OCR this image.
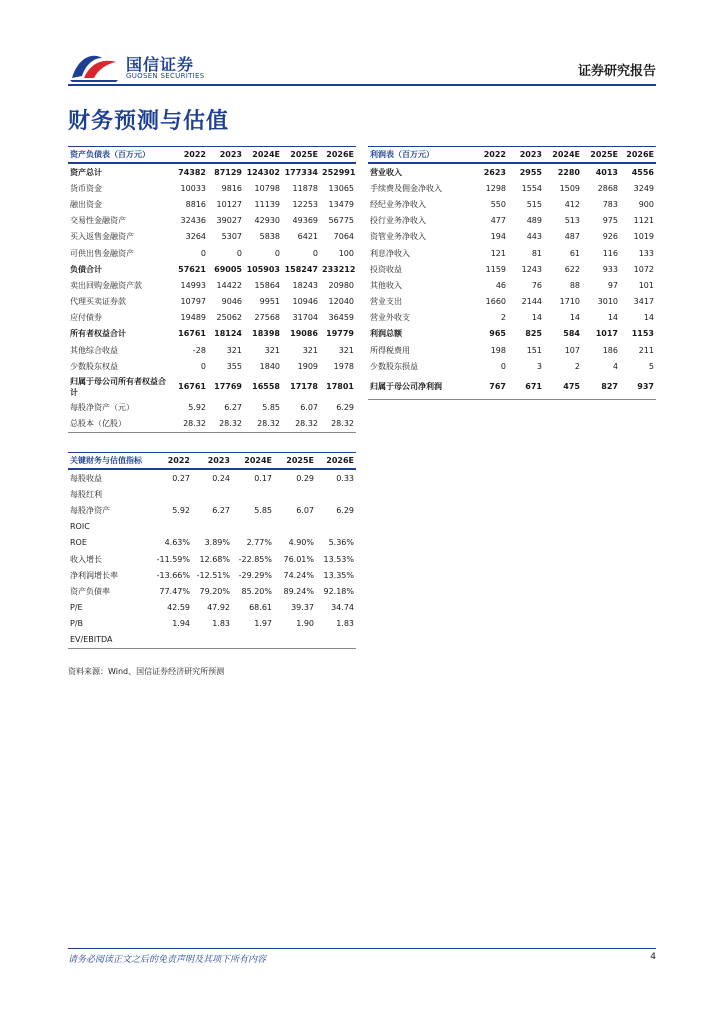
国信证券
GUOSEN SECURITIES	证券研究报告
财务预测与估值
资产负债表（百万元）	2022	2023	2024E	2025E	2026E
资产总计	74382	87129	124302	177334	252991
货币资金	10033	9816	10798	11878	13065
融出资金	8816	10127	11139	12253	13479
交易性金融资产	32436	39027	42930	49369	56775
买入返售金融资产	3264	5307	5838	6421	7064
可供出售金融资产	0	0	0	0	100
负债合计	57621	69005	105903	158247	233212
卖出回购金融资产款	14993	14422	15864	18243	20980
代理买卖证券款	10797	9046	9951	10946	12040
应付债券	19489	25062	27568	31704	36459
所有者权益合计	16761	18124	18398	19086	19779
其他综合收益	-28	321	321	321	321
少数股东权益	0	355	1840	1909	1978
归属于母公司所有者权益合计	16761	17769	16558	17178	17801
每股净资产（元）	5.92	6.27	5.85	6.07	6.29
总股本（亿股）	28.32	28.32	28.32	28.32	28.32
利润表（百万元）	2022	2023	2024E	2025E	2026E
营业收入	2623	2955	2280	4013	4556
手续费及佣金净收入	1298	1554	1509	2868	3249
经纪业务净收入	550	515	412	783	900
投行业务净收入	477	489	513	975	1121
资管业务净收入	194	443	487	926	1019
利息净收入	121	81	61	116	133
投资收益	1159	1243	622	933	1072
其他收入	46	76	88	97	101
营业支出	1660	2144	1710	3010	3417
营业外收支	2	14	14	14	14
利润总额	965	825	584	1017	1153
所得税费用	198	151	107	186	211
少数股东损益	0	3	2	4	5
归属于母公司净利润	767	671	475	827	937
关键财务与估值指标	2022	2023	2024E	2025E	2026E
每股收益	0.27	0.24	0.17	0.29	0.33
每股红利					
每股净资产	5.92	6.27	5.85	6.07	6.29
ROIC					
ROE	4.63%	3.89%	2.77%	4.90%	5.36%
收入增长	-11.59%	12.68%	-22.85%	76.01%	13.53%
净利润增长率	-13.66%	-12.51%	-29.29%	74.24%	13.35%
资产负债率	77.47%	79.20%	85.20%	89.24%	92.18%
P/E	42.59	47.92	68.61	39.37	34.74
P/B	1.94	1.83	1.97	1.90	1.83
EV/EBITDA					
资料来源：Wind、国信证券经济研究所预测
请务必阅读正文之后的免责声明及其项下所有内容	4
